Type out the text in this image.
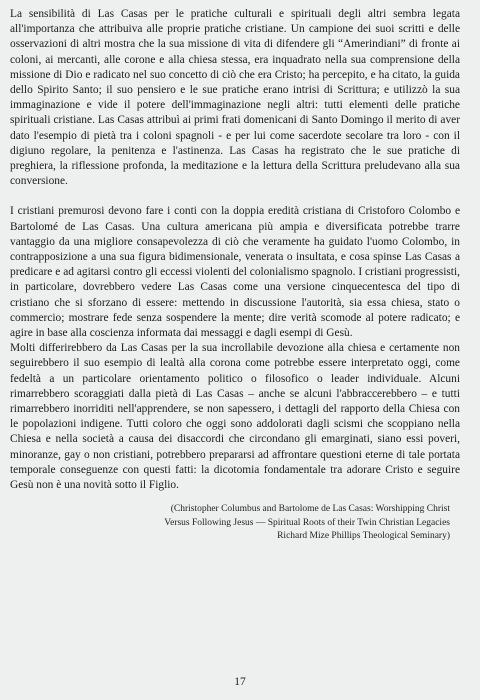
La sensibilità di Las Casas per le pratiche culturali e spirituali degli altri sembra legata all'importanza che attribuiva alle proprie pratiche cristiane. Un campione dei suoi scritti e delle osservazioni di altri mostra che la sua missione di vita di difendere gli “Amerindiani” di fronte ai coloni, ai mercanti, alle corone e alla chiesa stessa, era inquadrato nella sua comprensione della missione di Dio e radicato nel suo concetto di ciò che era Cristo; ha percepito, e ha citato, la guida dello Spirito Santo; il suo pensiero e le sue pratiche erano intrisi di Scrittura; e utilizzò la sua immaginazione e vide il potere dell'immaginazione negli altri: tutti elementi delle pratiche spirituali cristiane. Las Casas attribuì ai primi frati domenicani di Santo Domingo il merito di aver dato l'esempio di pietà tra i coloni spagnoli - e per lui come sacerdote secolare tra loro - con il digiuno regolare, la penitenza e l'astinenza. Las Casas ha registrato che le sue pratiche di preghiera, la riflessione profonda, la meditazione e la lettura della Scrittura preludevano alla sua conversione.

I cristiani premurosi devono fare i conti con la doppia eredità cristiana di Cristoforo Colombo e Bartolomé de Las Casas. Una cultura americana più ampia e diversificata potrebbe trarre vantaggio da una migliore consapevolezza di ciò che veramente ha guidato l'uomo Colombo, in contrapposizione a una sua figura bidimensionale, venerata o insultata, e cosa spinse Las Casas a predicare e ad agitarsi contro gli eccessi violenti del colonialismo spagnolo. I cristiani progressisti, in particolare, dovrebbero vedere Las Casas come una versione cinquecentesca del tipo di cristiano che si sforzano di essere: mettendo in discussione l'autorità, sia essa chiesa, stato o commercio; mostrare fede senza sospendere la mente; dire verità scomode al potere radicato; e agire in base alla coscienza informata dai messaggi e dagli esempi di Gesù.

Molti differirebbero da Las Casas per la sua incrollabile devozione alla chiesa e certamente non seguirebbero il suo esempio di lealtà alla corona come potrebbe essere interpretato oggi, come fedeltà a un particolare orientamento politico o filosofico o leader individuale. Alcuni rimarrebbero scoraggiati dalla pietà di Las Casas – anche se alcuni l'abbraccerebbero – e tutti rimarrebbero inorriditi nell'apprendere, se non sapessero, i dettagli del rapporto della Chiesa con le popolazioni indigene. Tutti coloro che oggi sono addolorati dagli scismi che scoppiano nella Chiesa e nella società a causa dei disaccordi che circondano gli emarginati, siano essi poveri, minoranze, gay o non cristiani, potrebbero prepararsi ad affrontare questioni eterne di tale portata temporale conseguenze con questi fatti: la dicotomia fondamentale tra adorare Cristo e seguire Gesù non è una novità sotto il Figlio.

(Christopher Columbus and Bartolome de Las Casas: Worshipping Christ
Versus Following Jesus — Spiritual Roots of their Twin Christian Legacies
Richard Mize Phillips Theological Seminary)
17
